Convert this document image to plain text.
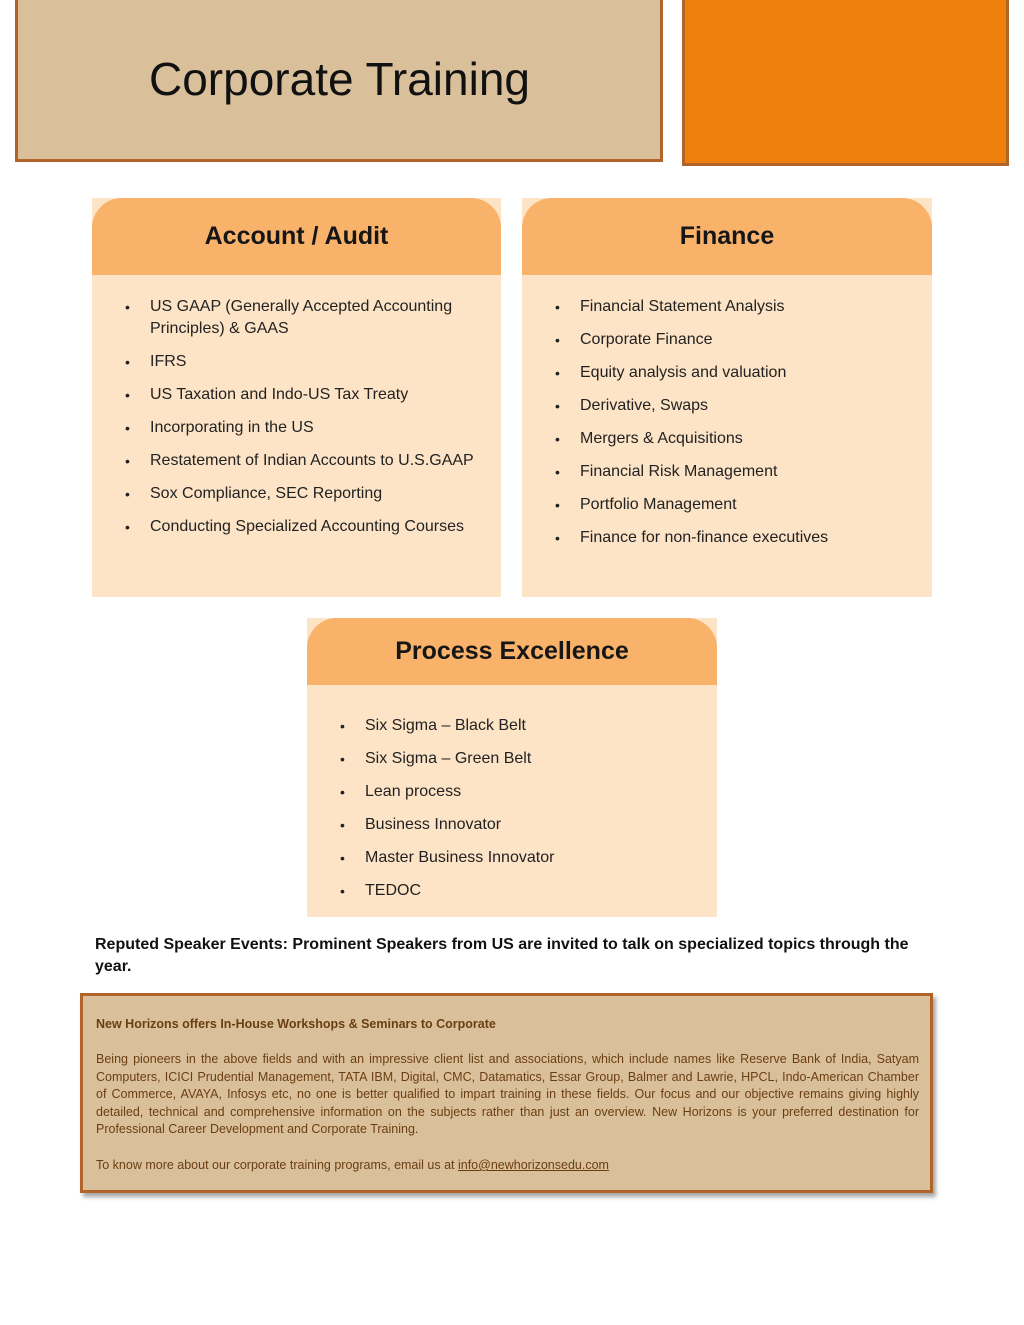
Corporate Training
Account / Audit
• US GAAP (Generally Accepted Accounting Principles) & GAAS
• IFRS
• US Taxation and Indo-US Tax Treaty
• Incorporating in the US
• Restatement of Indian Accounts to U.S.GAAP
• Sox Compliance, SEC Reporting
• Conducting Specialized Accounting Courses
Finance
• Financial Statement Analysis
• Corporate Finance
• Equity analysis and valuation
• Derivative, Swaps
• Mergers & Acquisitions
• Financial Risk Management
• Portfolio Management
• Finance for non-finance executives
Process Excellence
• Six Sigma – Black Belt
• Six Sigma – Green Belt
• Lean process
• Business Innovator
• Master Business Innovator
• TEDOC
Reputed Speaker Events: Prominent Speakers from US are invited to talk on specialized topics through the year.
New Horizons offers In-House Workshops & Seminars to Corporate
Being pioneers in the above fields and with an impressive client list and associations, which include names like Reserve Bank of India, Satyam Computers, ICICI Prudential Management, TATA IBM, Digital, CMC, Datamatics, Essar Group, Balmer and Lawrie, HPCL, Indo-American Chamber of Commerce, AVAYA, Infosys etc, no one is better qualified to impart training in these fields. Our focus and our objective remains giving highly detailed, technical and comprehensive information on the subjects rather than just an overview. New Horizons is your preferred destination for Professional Career Development and Corporate Training.
To know more about our corporate training programs, email us at info@newhorizonsedu.com
